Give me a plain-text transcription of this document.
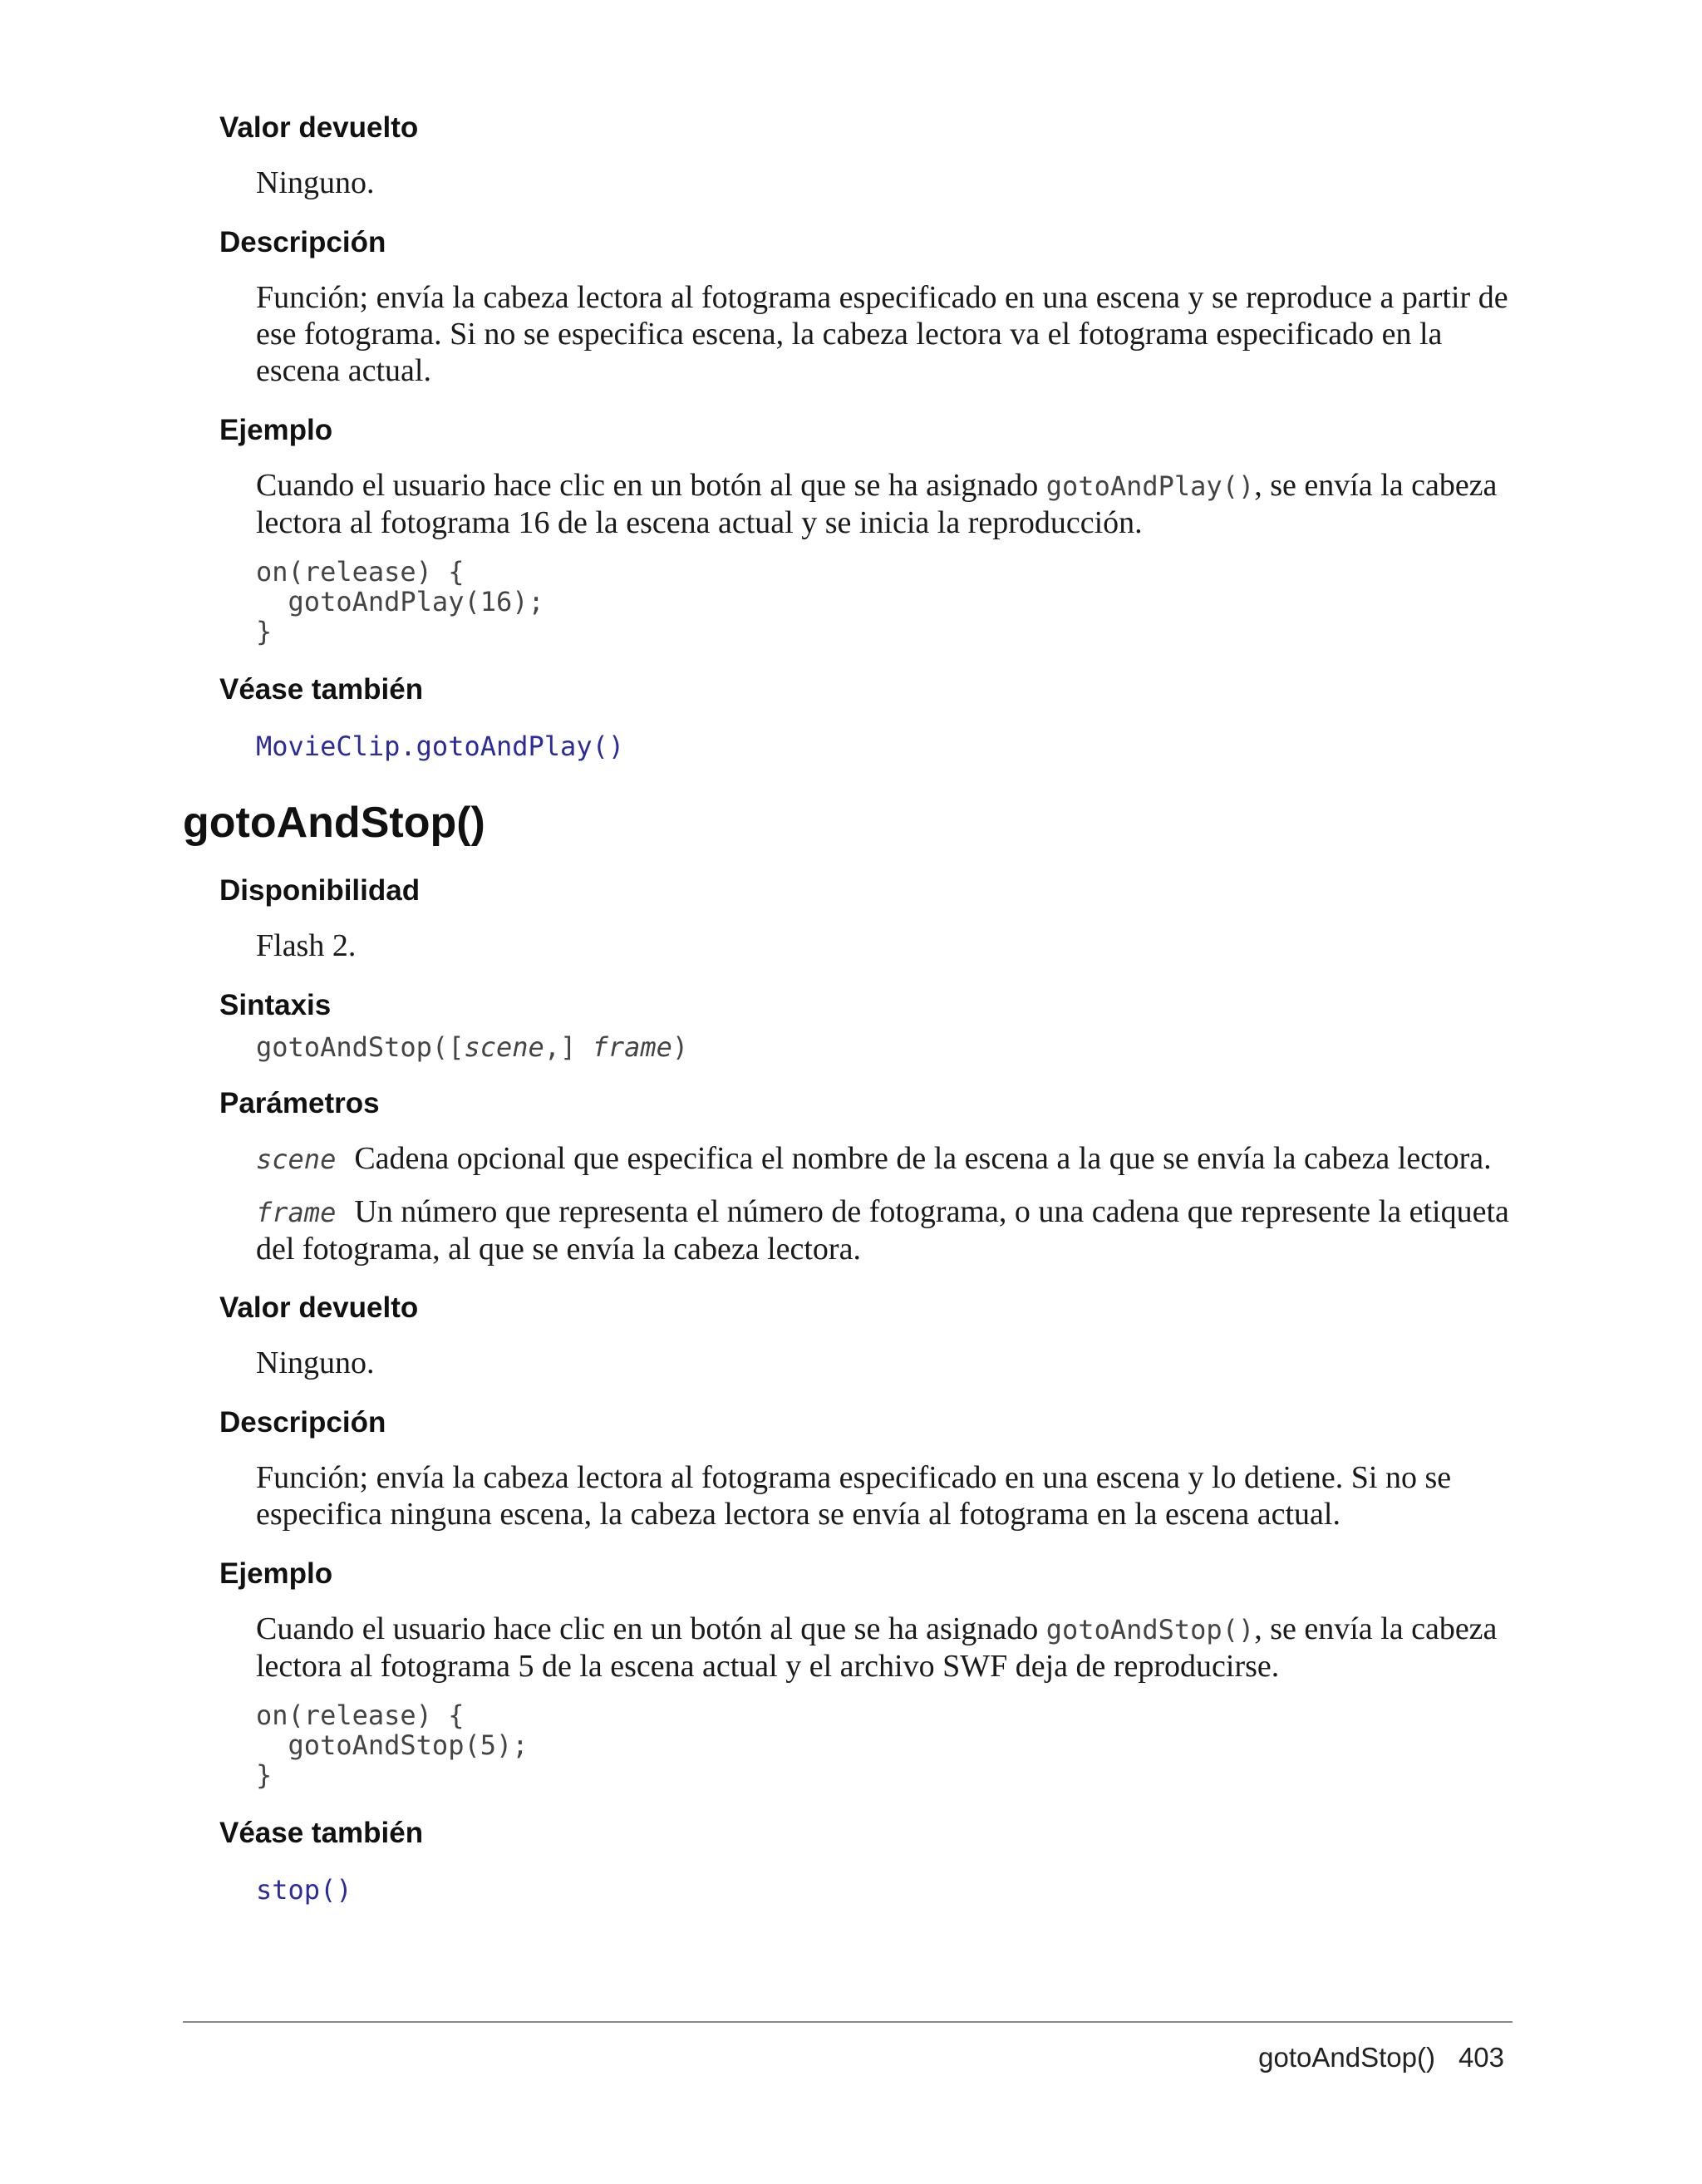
Valor devuelto
Ninguno.
Descripción
Función; envía la cabeza lectora al fotograma especificado en una escena y se reproduce a partir de ese fotograma. Si no se especifica escena, la cabeza lectora va el fotograma especificado en la escena actual.
Ejemplo
Cuando el usuario hace clic en un botón al que se ha asignado gotoAndPlay(), se envía la cabeza lectora al fotograma 16 de la escena actual y se inicia la reproducción.
on(release) {
gotoAndPlay(16);
}
Véase también
MovieClip.gotoAndPlay()
gotoAndStop()
Disponibilidad
Flash 2.
Sintaxis
gotoAndStop([scene,] frame)
Parámetros
scene Cadena opcional que especifica el nombre de la escena a la que se envía la cabeza lectora.
frame Un número que representa el número de fotograma, o una cadena que represente la etiqueta del fotograma, al que se envía la cabeza lectora.
Valor devuelto
Ninguno.
Descripción
Función; envía la cabeza lectora al fotograma especificado en una escena y lo detiene. Si no se especifica ninguna escena, la cabeza lectora se envía al fotograma en la escena actual.
Ejemplo
Cuando el usuario hace clic en un botón al que se ha asignado gotoAndStop(), se envía la cabeza lectora al fotograma 5 de la escena actual y el archivo SWF deja de reproducirse.
on(release) {
gotoAndStop(5);
}
Véase también
stop()
gotoAndStop() 403
